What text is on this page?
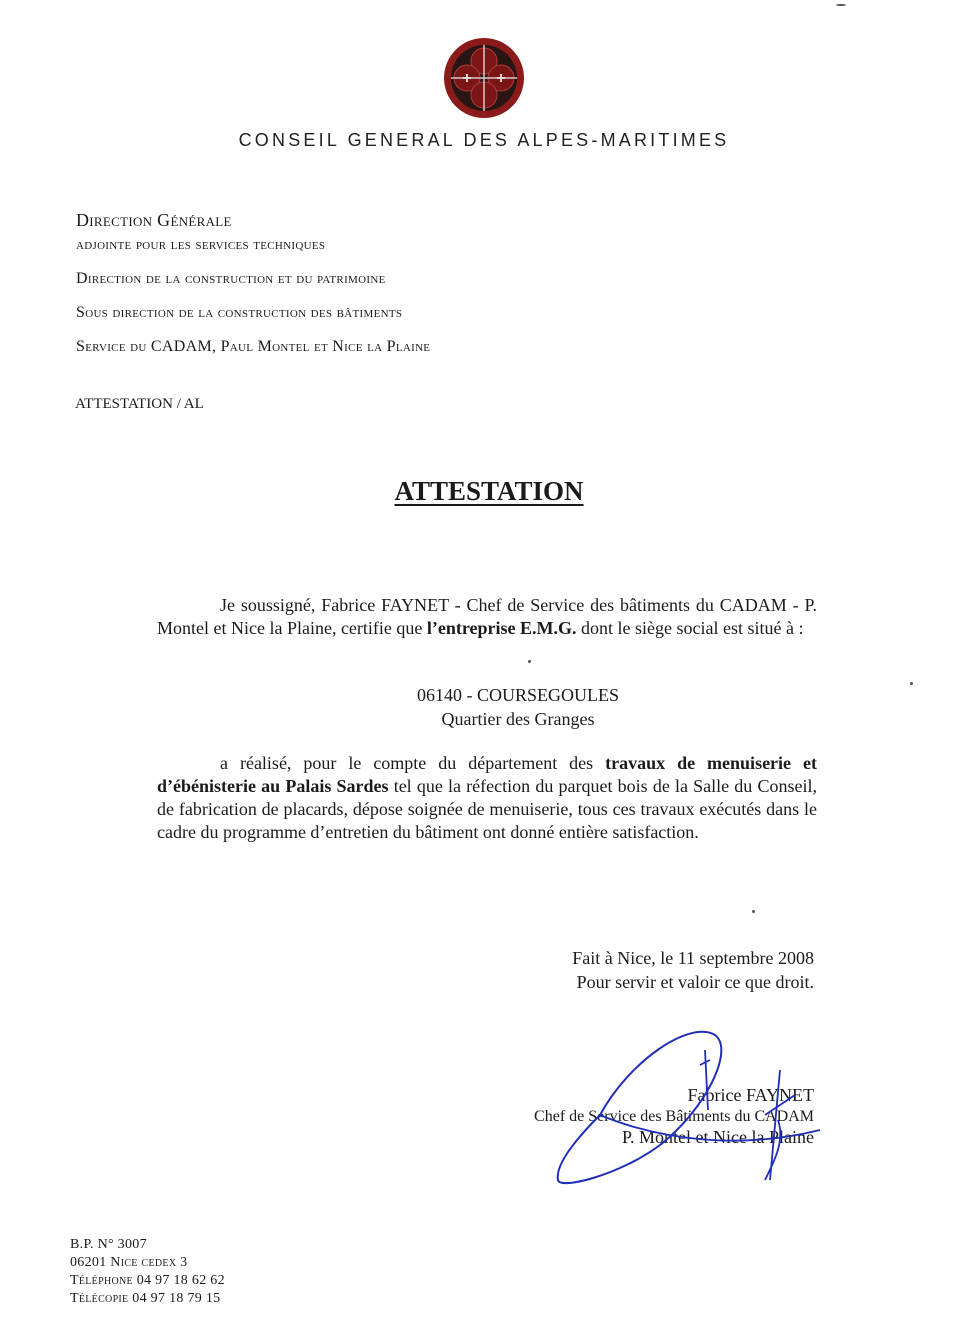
CONSEIL GENERAL DES ALPES-MARITIMES
Direction Générale
adjointe pour les services techniques
Direction de la construction et du patrimoine
Sous direction de la construction des bâtiments
Service du CADAM, Paul Montel et Nice la Plaine
ATTESTATION / AL
ATTESTATION

Je soussigné, Fabrice FAYNET - Chef de Service des bâtiments du CADAM - P. Montel et Nice la Plaine, certifie que l’entreprise E.M.G. dont le siège social est situé à :

06140 - COURSEGOULES
Quartier des Granges

a réalisé, pour le compte du département des travaux de menuiserie et d’ébénisterie au Palais Sardes tel que la réfection du parquet bois de la Salle du Conseil, de fabrication de placards, dépose soignée de menuiserie, tous ces travaux exécutés dans le cadre du programme d’entretien du bâtiment ont donné entière satisfaction.

Fait à Nice, le 11 septembre 2008
Pour servir et valoir ce que droit.
Fabrice FAYNET
Chef de Service des Bâtiments du CADAM
P. Montel et Nice la Plaine
B.P. N° 3007
06201 Nice cedex 3
Téléphone 04 97 18 62 62
Télécopie 04 97 18 79 15
